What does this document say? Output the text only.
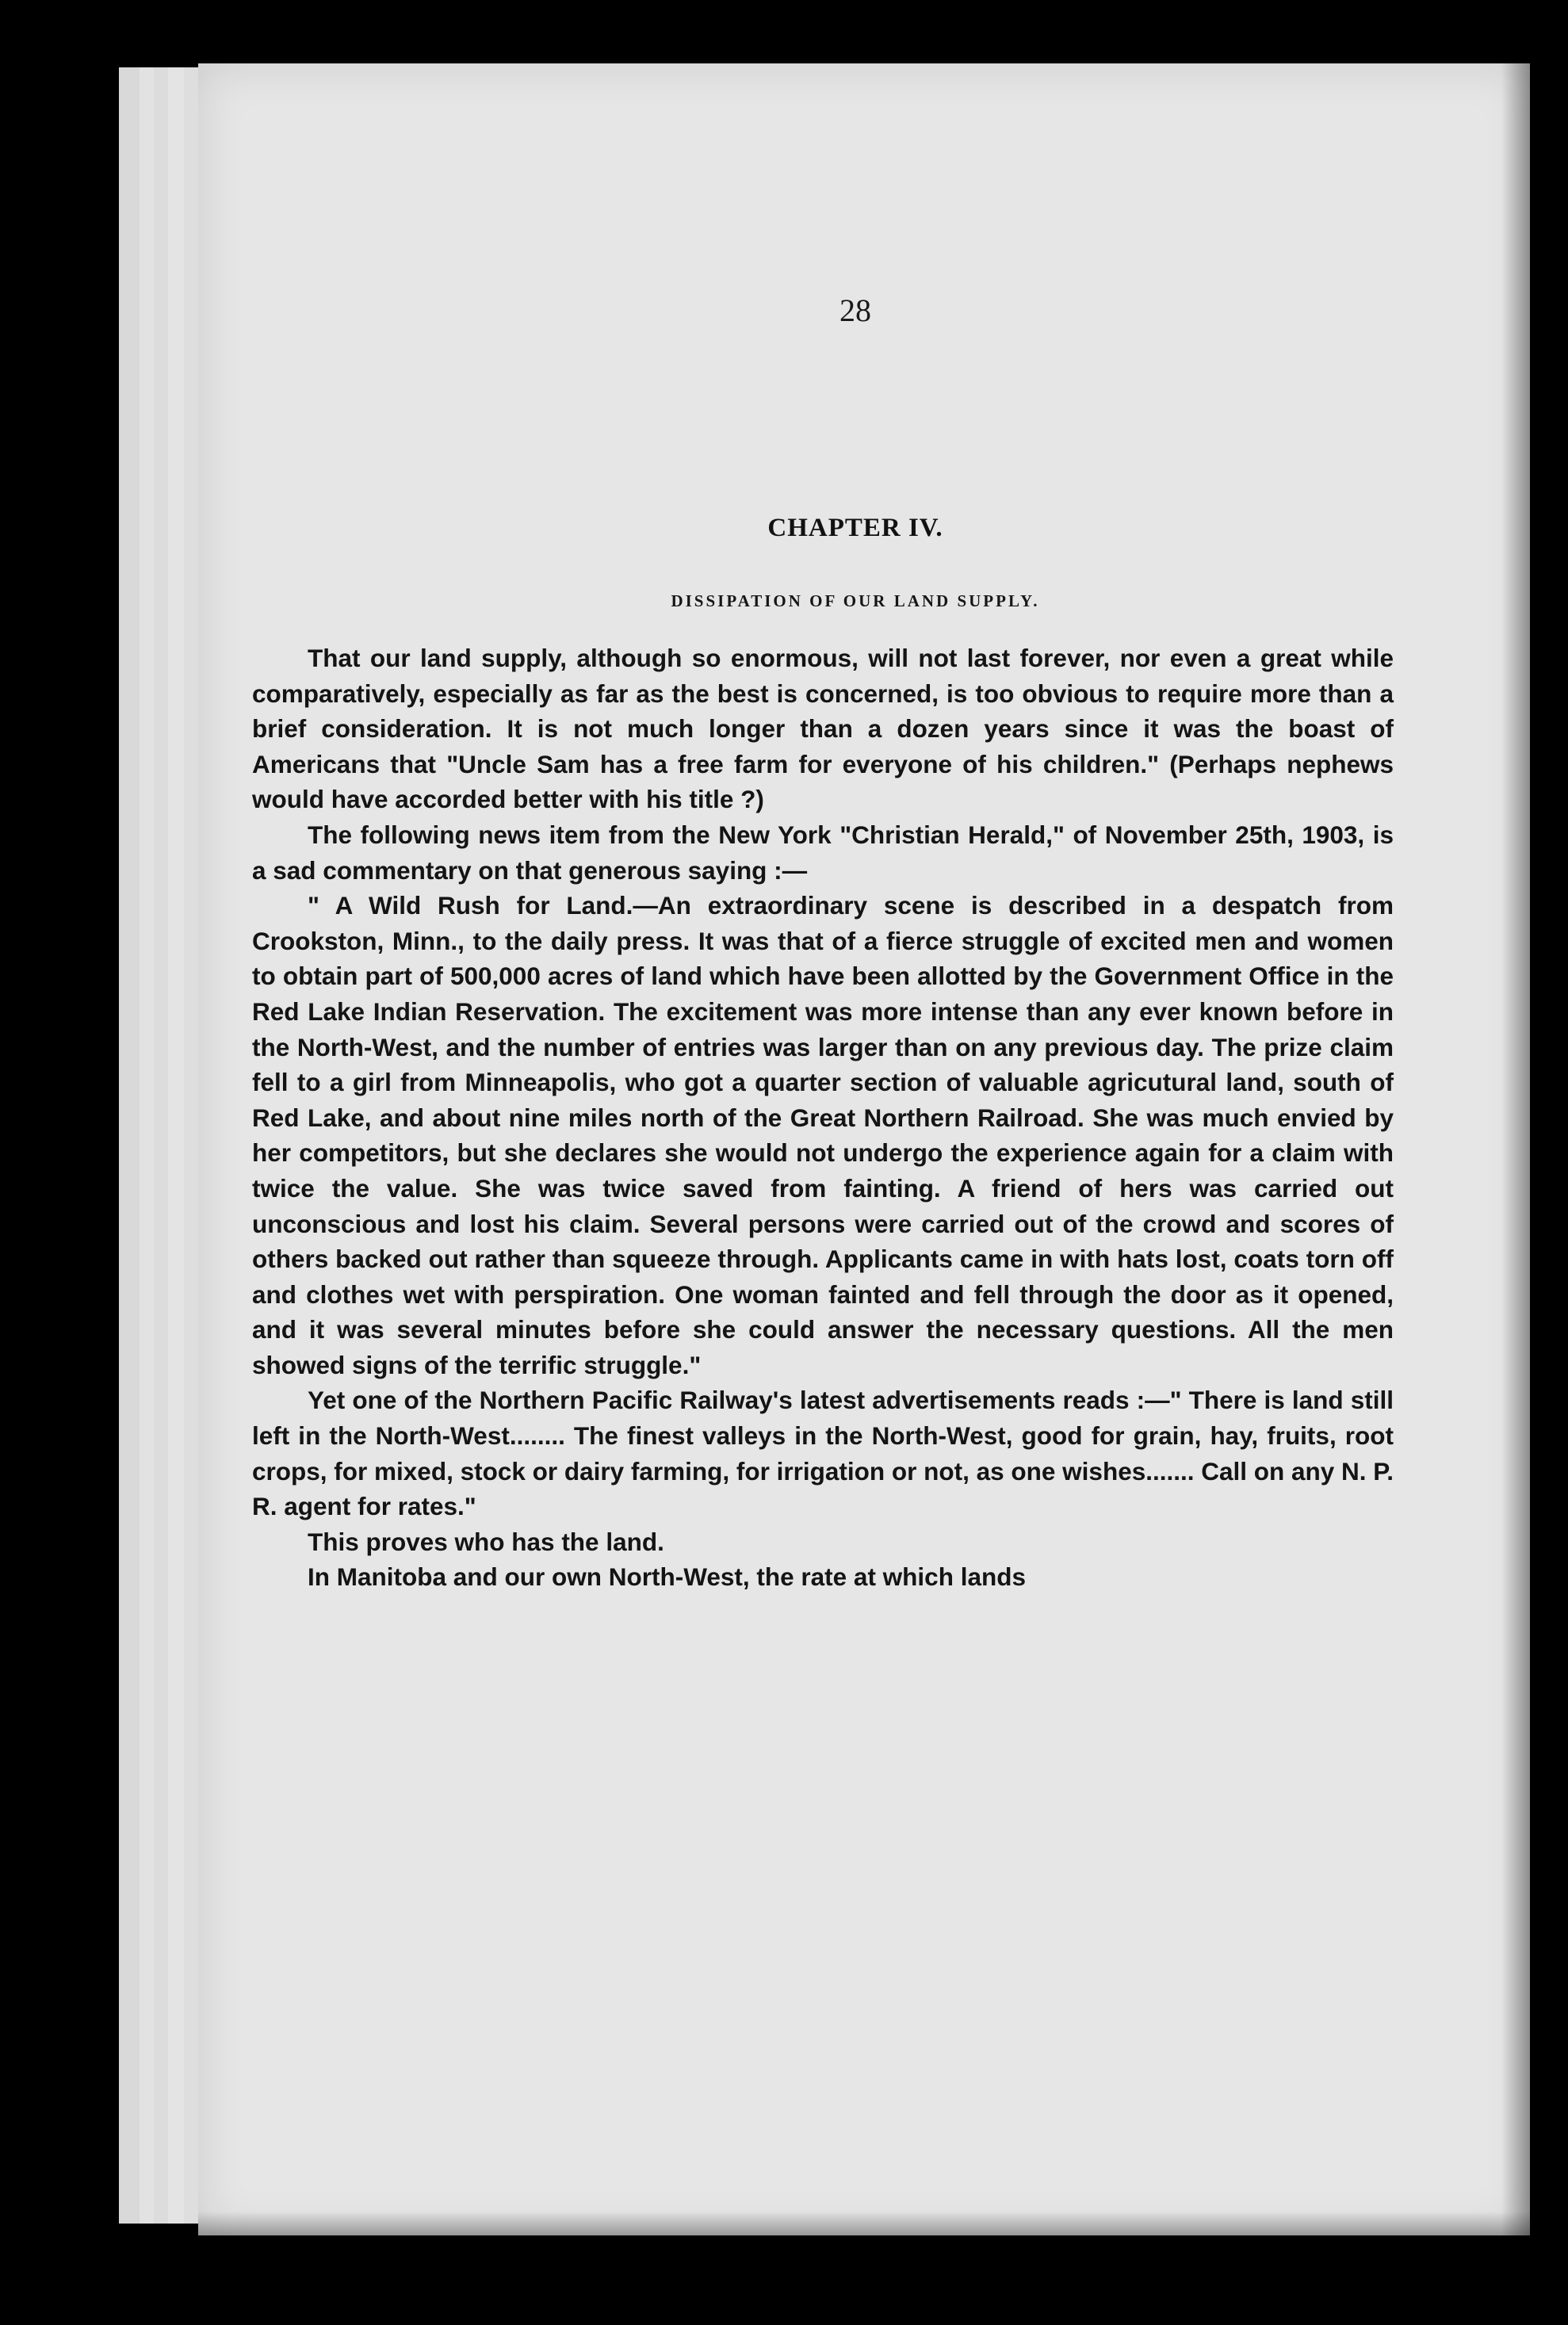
28
CHAPTER IV.
DISSIPATION OF OUR LAND SUPPLY.

That our land supply, although so enormous, will not last forever, nor even a great while comparatively, especially as far as the best is concerned, is too obvious to require more than a brief consideration. It is not much longer than a dozen years since it was the boast of Americans that "Uncle Sam has a free farm for everyone of his children." (Perhaps nephews would have accorded better with his title ?)

The following news item from the New York "Christian Herald," of November 25th, 1903, is a sad commentary on that generous saying :—

" A Wild Rush for Land.—An extraordinary scene is described in a despatch from Crookston, Minn., to the daily press. It was that of a fierce struggle of excited men and women to obtain part of 500,000 acres of land which have been allotted by the Government Office in the Red Lake Indian Reservation. The excitement was more intense than any ever known before in the North-West, and the number of entries was larger than on any previous day. The prize claim fell to a girl from Minneapolis, who got a quarter section of valuable agricutural land, south of Red Lake, and about nine miles north of the Great Northern Railroad. She was much envied by her competitors, but she declares she would not undergo the experience again for a claim with twice the value. She was twice saved from fainting. A friend of hers was carried out unconscious and lost his claim. Several persons were carried out of the crowd and scores of others backed out rather than squeeze through. Applicants came in with hats lost, coats torn off and clothes wet with perspiration. One woman fainted and fell through the door as it opened, and it was several minutes before she could answer the necessary questions. All the men showed signs of the terrific struggle."

Yet one of the Northern Pacific Railway's latest advertisements reads :—" There is land still left in the North-West........ The finest valleys in the North-West, good for grain, hay, fruits, root crops, for mixed, stock or dairy farming, for irrigation or not, as one wishes....... Call on any N. P. R. agent for rates."

This proves who has the land.

In Manitoba and our own North-West, the rate at which lands
